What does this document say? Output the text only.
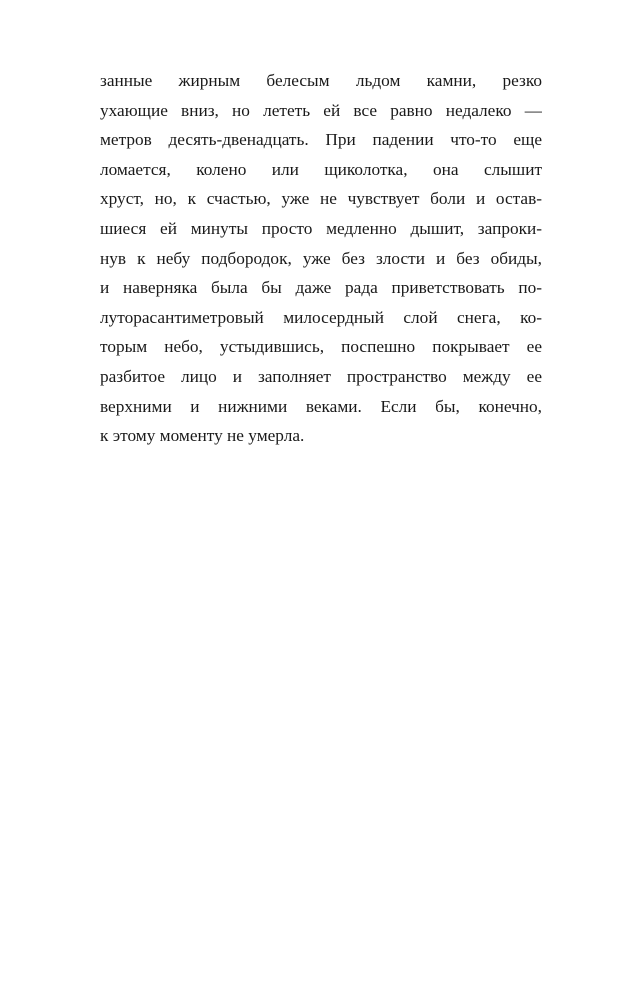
занные жирным белесым льдом камни, резко
ухающие вниз, но лететь ей все равно недалеко —
метров десять-двенадцать. При падении что-то еще
ломается, колено или щиколотка, она слышит
хруст, но, к счастью, уже не чувствует боли и остав-
шиеся ей минуты просто медленно дышит, запроки-
нув к небу подбородок, уже без злости и без обиды,
и наверняка была бы даже рада приветствовать по-
луторасантиметровый милосердный слой снега, ко-
торым небо, устыдившись, поспешно покрывает ее
разбитое лицо и заполняет пространство между ее
верхними и нижними веками. Если бы, конечно,
к этому моменту не умерла.
